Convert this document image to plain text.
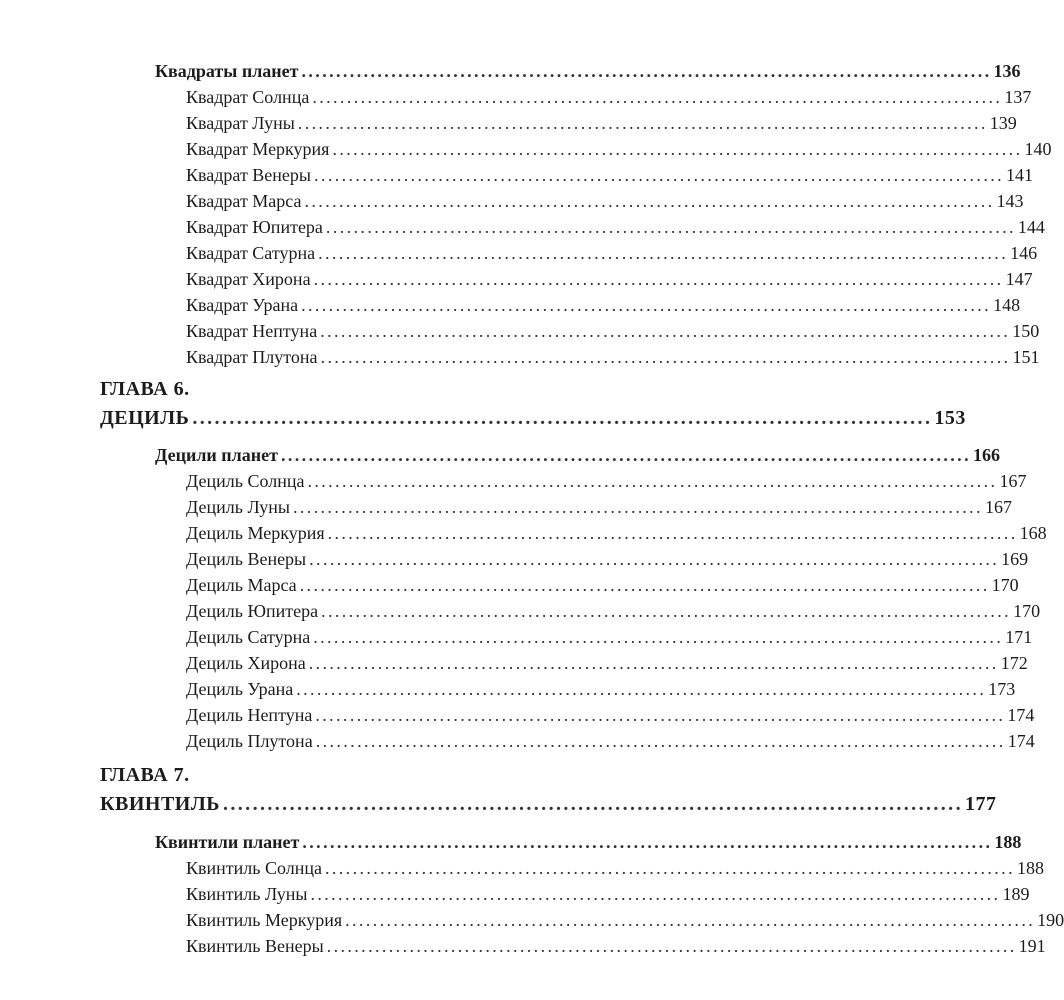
Квадраты планет .................................................................................................... 136
Квадрат Солнца .................................................................................................... 137
Квадрат Луны .................................................................................................... 139
Квадрат Меркурия .................................................................................................... 140
Квадрат Венеры .................................................................................................... 141
Квадрат Марса .................................................................................................... 143
Квадрат Юпитера .................................................................................................... 144
Квадрат Сатурна .................................................................................................... 146
Квадрат Хирона .................................................................................................... 147
Квадрат Урана .................................................................................................... 148
Квадрат Нептуна .................................................................................................... 150
Квадрат Плутона .................................................................................................... 151
ГЛАВА 6.
ДЕЦИЛЬ .................................................................................................... 153
Децили планет .................................................................................................... 166
Дециль Солнца .................................................................................................... 167
Дециль Луны .................................................................................................... 167
Дециль Меркурия .................................................................................................... 168
Дециль Венеры .................................................................................................... 169
Дециль Марса .................................................................................................... 170
Дециль Юпитера .................................................................................................... 170
Дециль Сатурна .................................................................................................... 171
Дециль Хирона .................................................................................................... 172
Дециль Урана .................................................................................................... 173
Дециль Нептуна .................................................................................................... 174
Дециль Плутона .................................................................................................... 174
ГЛАВА 7.
КВИНТИЛЬ .................................................................................................... 177
Квинтили планет .................................................................................................... 188
Квинтиль Солнца .................................................................................................... 188
Квинтиль Луны .................................................................................................... 189
Квинтиль Меркурия .................................................................................................... 190
Квинтиль Венеры .................................................................................................... 191
